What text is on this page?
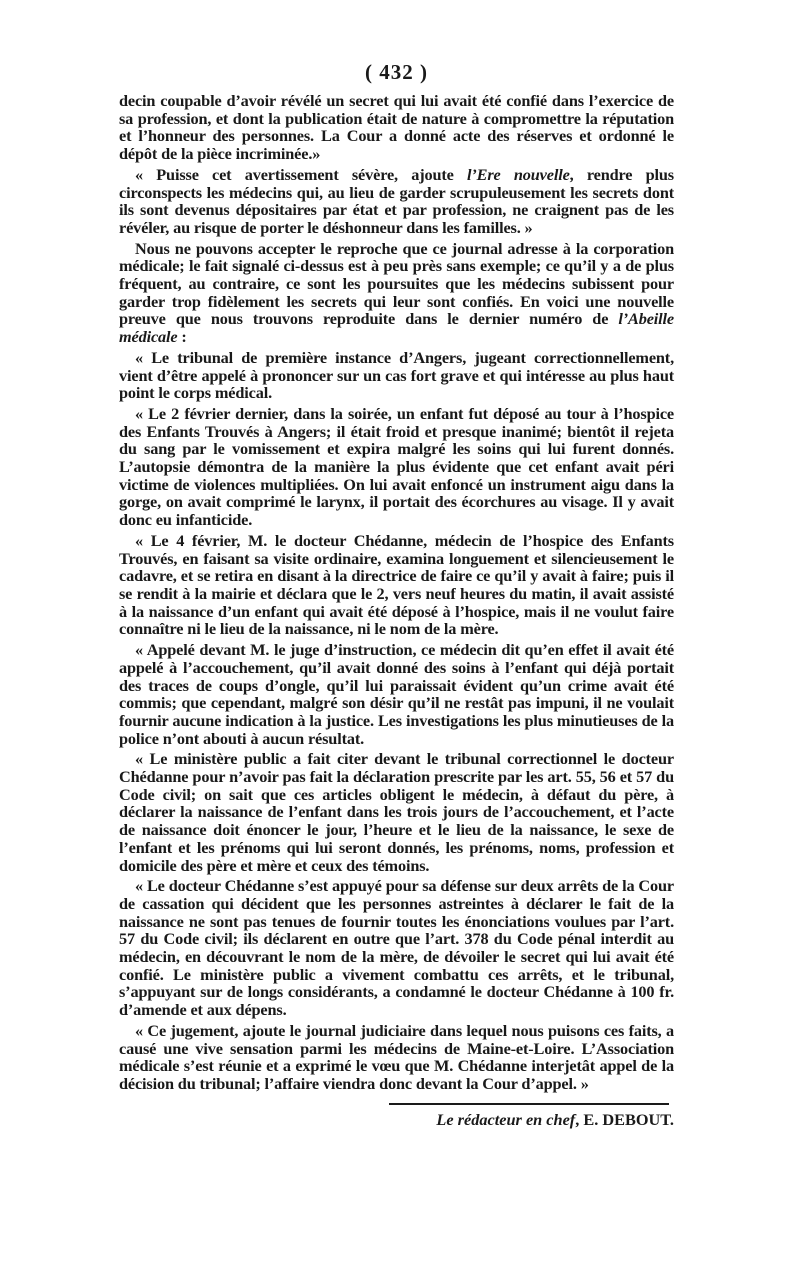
( 432 )

decin coupable d’avoir révélé un secret qui lui avait été confié dans l’exercice de sa profession, et dont la publication était de nature à compromettre la réputation et l’honneur des personnes. La Cour a donné acte des réserves et ordonné le dépôt de la pièce incriminée.»

« Puisse cet avertissement sévère, ajoute l’Ere nouvelle, rendre plus circonspects les médecins qui, au lieu de garder scrupuleusement les secrets dont ils sont devenus dépositaires par état et par profession, ne craignent pas de les révéler, au risque de porter le déshonneur dans les familles. »

Nous ne pouvons accepter le reproche que ce journal adresse à la corporation médicale; le fait signalé ci-dessus est à peu près sans exemple; ce qu’il y a de plus fréquent, au contraire, ce sont les poursuites que les médecins subissent pour garder trop fidèlement les secrets qui leur sont confiés. En voici une nouvelle preuve que nous trouvons reproduite dans le dernier numéro de l’Abeille médicale :

« Le tribunal de première instance d’Angers, jugeant correctionnellement, vient d’être appelé à prononcer sur un cas fort grave et qui intéresse au plus haut point le corps médical.

« Le 2 février dernier, dans la soirée, un enfant fut déposé au tour à l’hospice des Enfants Trouvés à Angers; il était froid et presque inanimé; bientôt il rejeta du sang par le vomissement et expira malgré les soins qui lui furent donnés. L’autopsie démontra de la manière la plus évidente que cet enfant avait péri victime de violences multipliées. On lui avait enfoncé un instrument aigu dans la gorge, on avait comprimé le larynx, il portait des écorchures au visage. Il y avait donc eu infanticide.

« Le 4 février, M. le docteur Chédanne, médecin de l’hospice des Enfants Trouvés, en faisant sa visite ordinaire, examina longuement et silencieusement le cadavre, et se retira en disant à la directrice de faire ce qu’il y avait à faire; puis il se rendit à la mairie et déclara que le 2, vers neuf heures du matin, il avait assisté à la naissance d’un enfant qui avait été déposé à l’hospice, mais il ne voulut faire connaître ni le lieu de la naissance, ni le nom de la mère.

« Appelé devant M. le juge d’instruction, ce médecin dit qu’en effet il avait été appelé à l’accouchement, qu’il avait donné des soins à l’enfant qui déjà portait des traces de coups d’ongle, qu’il lui paraissait évident qu’un crime avait été commis; que cependant, malgré son désir qu’il ne restât pas impuni, il ne voulait fournir aucune indication à la justice. Les investigations les plus minutieuses de la police n’ont abouti à aucun résultat.

« Le ministère public a fait citer devant le tribunal correctionnel le docteur Chédanne pour n’avoir pas fait la déclaration prescrite par les art. 55, 56 et 57 du Code civil; on sait que ces articles obligent le médecin, à défaut du père, à déclarer la naissance de l’enfant dans les trois jours de l’accouchement, et l’acte de naissance doit énoncer le jour, l’heure et le lieu de la naissance, le sexe de l’enfant et les prénoms qui lui seront donnés, les prénoms, noms, profession et domicile des père et mère et ceux des témoins.

« Le docteur Chédanne s’est appuyé pour sa défense sur deux arrêts de la Cour de cassation qui décident que les personnes astreintes à déclarer le fait de la naissance ne sont pas tenues de fournir toutes les énonciations voulues par l’art. 57 du Code civil; ils déclarent en outre que l’art. 378 du Code pénal interdit au médecin, en découvrant le nom de la mère, de dévoiler le secret qui lui avait été confié. Le ministère public a vivement combattu ces arrêts, et le tribunal, s’appuyant sur de longs considérants, a condamné le docteur Chédanne à 100 fr. d’amende et aux dépens.

« Ce jugement, ajoute le journal judiciaire dans lequel nous puisons ces faits, a causé une vive sensation parmi les médecins de Maine-et-Loire. L’Association médicale s’est réunie et a exprimé le vœu que M. Chédanne interjetât appel de la décision du tribunal; l’affaire viendra donc devant la Cour d’appel. »

Le rédacteur en chef, E. DEBOUT.
